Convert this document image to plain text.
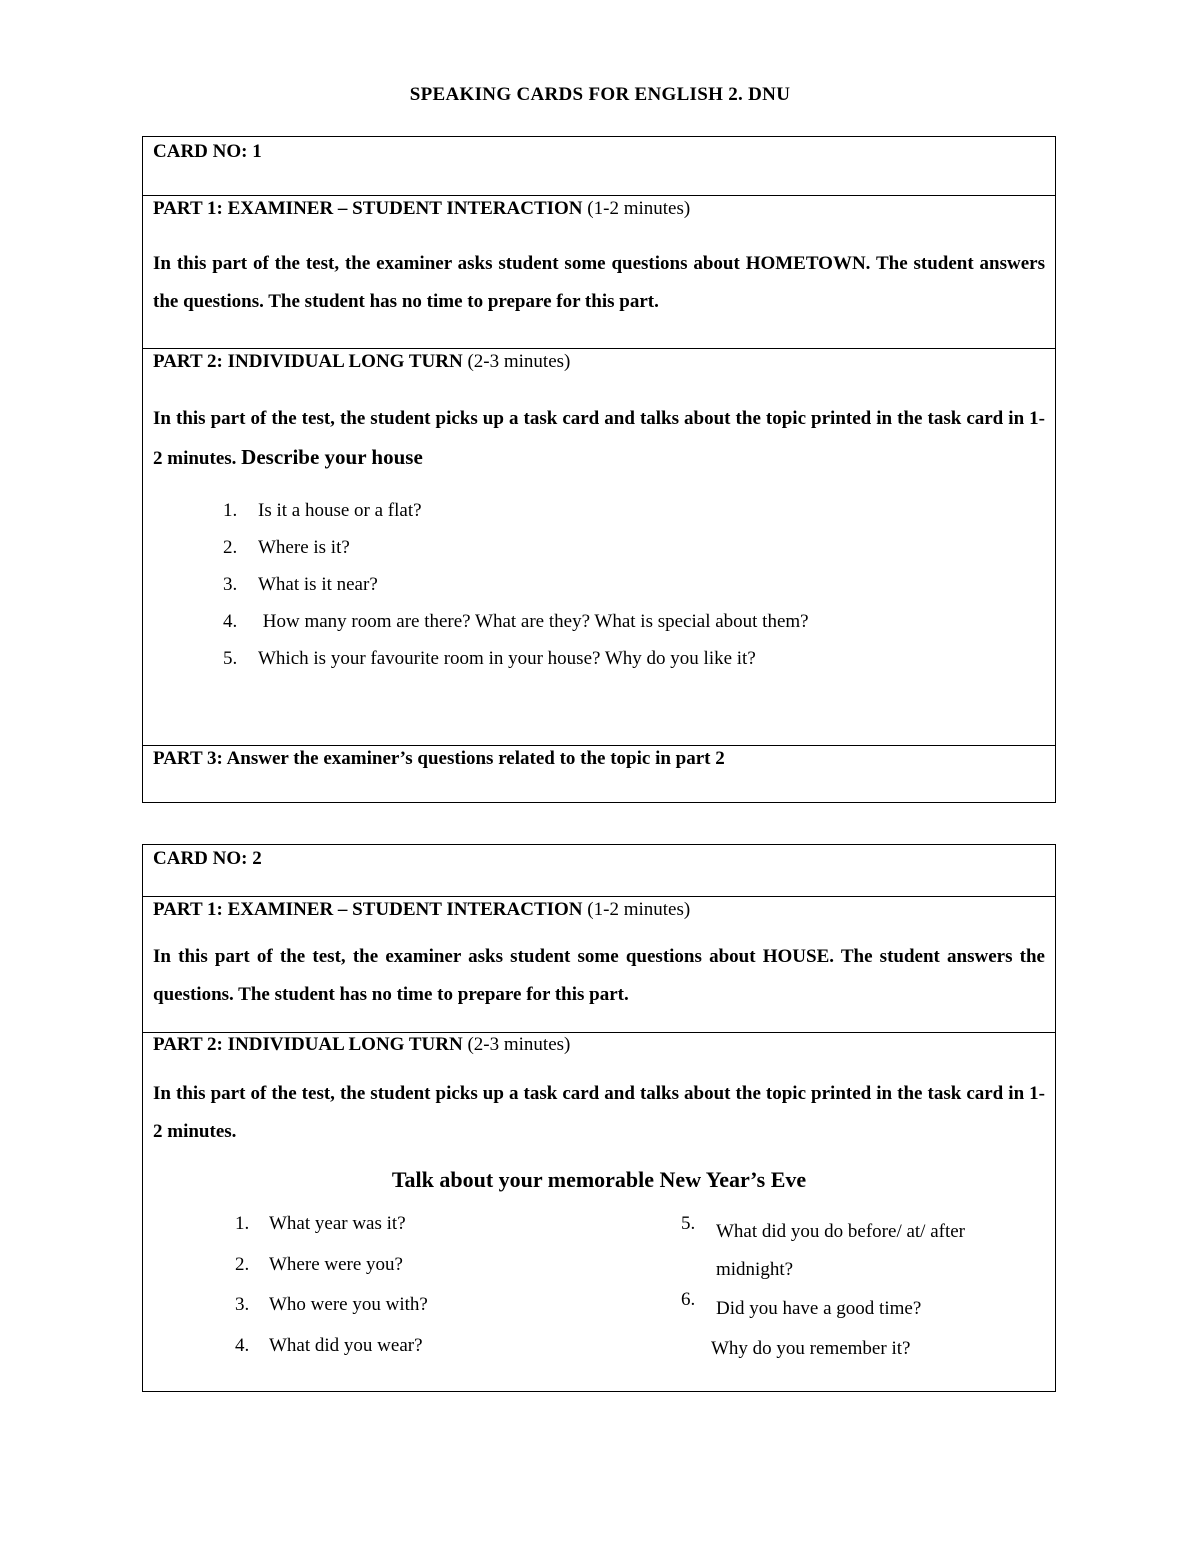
SPEAKING CARDS FOR ENGLISH 2. DNU
CARD NO: 1
PART 1: EXAMINER – STUDENT INTERACTION (1-2 minutes)
In this part of the test, the examiner asks student some questions about HOMETOWN. The student answers the questions. The student has no time to prepare for this part.
PART 2: INDIVIDUAL LONG TURN (2-3 minutes)
In this part of the test, the student picks up a task card and talks about the topic printed in the task card in 1-2 minutes. Describe your house
1. Is it a house or a flat?
2. Where is it?
3. What is it near?
4. How many room are there? What are they? What is special about them?
5. Which is your favourite room in your house? Why do you like it?
PART 3: Answer the examiner’s questions related to the topic in part 2
CARD NO: 2
PART 1: EXAMINER – STUDENT INTERACTION (1-2 minutes)
In this part of the test, the examiner asks student some questions about HOUSE. The student answers the questions. The student has no time to prepare for this part.
PART 2: INDIVIDUAL LONG TURN (2-3 minutes)
In this part of the test, the student picks up a task card and talks about the topic printed in the task card in 1-2 minutes.
Talk about your memorable New Year’s Eve
1. What year was it?
2. Where were you?
3. Who were you with?
4. What did you wear?
5. What did you do before/ at/ after
midnight?
6.	Did you have a good time?
Why do you remember it?
